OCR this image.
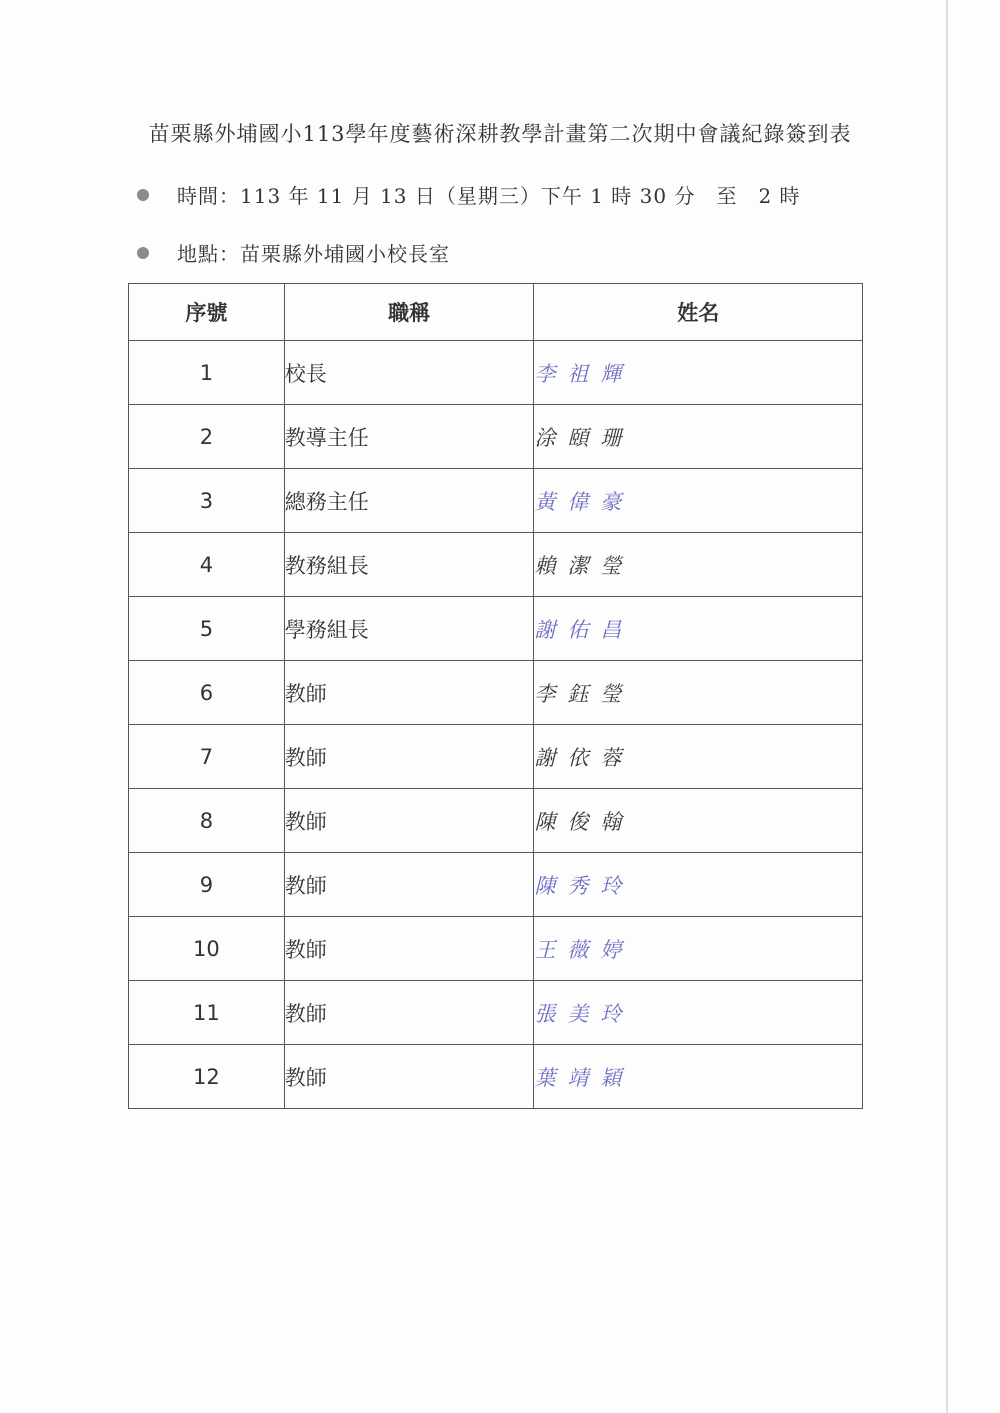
苗栗縣外埔國小113學年度藝術深耕教學計畫第二次期中會議紀錄簽到表
時間 ： 113 年 11 月 13 日（星期三）下午 1 時 30 分　至　2 時
地點 ： 苗栗縣外埔國小校長室
序號	職稱	姓名
1	校長	李祖輝
2	教導主任	涂頤珊
3	總務主任	黃偉豪
4	教務組長	賴潔瑩
5	學務組長	謝佑昌
6	教師	李鈺瑩
7	教師	謝依蓉
8	教師	陳俊翰
9	教師	陳秀玲
10	教師	王薇婷
11	教師	張美玲
12	教師	葉靖穎
